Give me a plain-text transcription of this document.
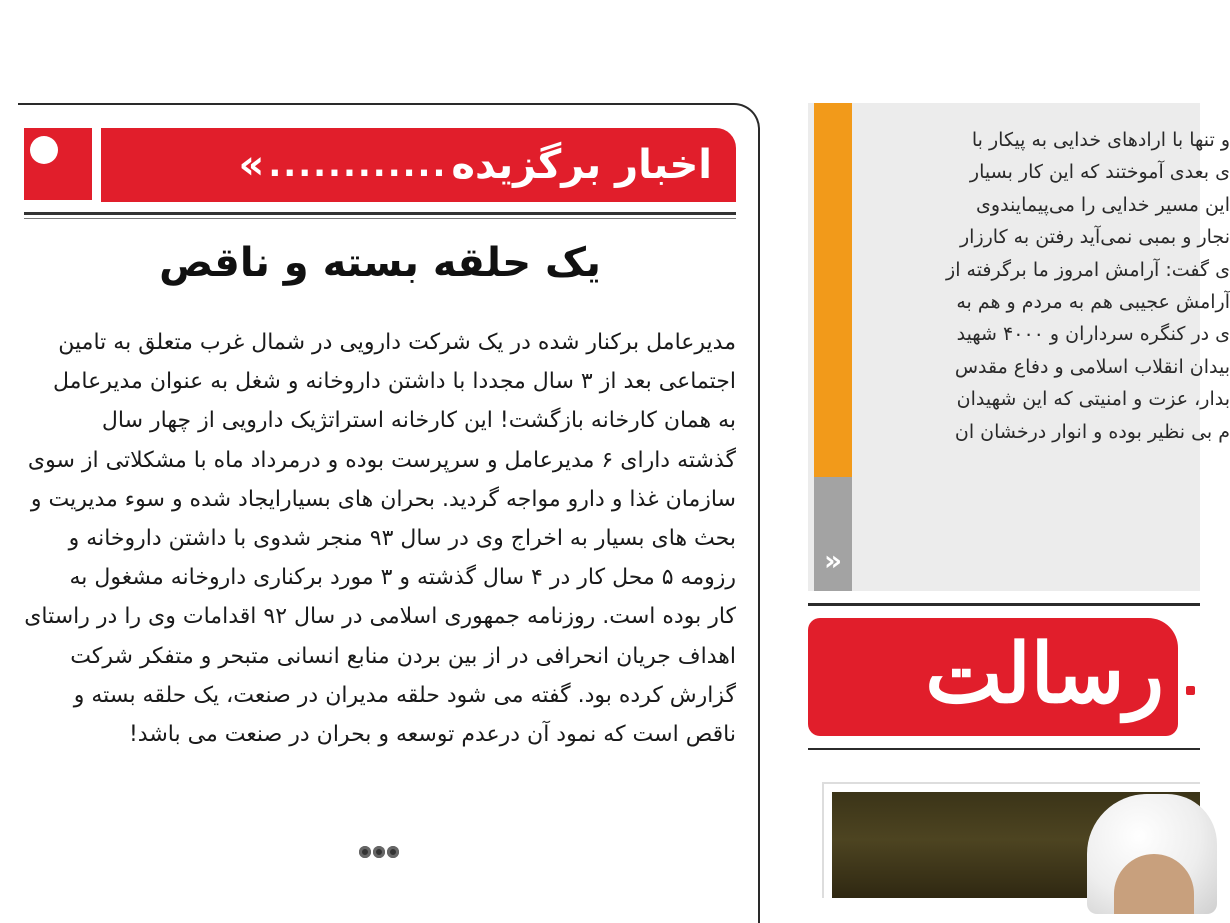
اخبار برگزیده
............
»
یک حلقه بسته و ناقص
مدیرعامل برکنار شده در یک شرکت دارویی در شمال غرب متعلق به تامین
اجتماعی بعد از ۳ سال مجددا با داشتن داروخانه و شغل به عنوان مدیرعامل
به همان کارخانه بازگشت! این کارخانه استراتژیک دارویی از چهار سال
گذشته دارای ۶ مدیرعامل و سرپرست بوده و درمرداد ماه با مشکلاتی از سوی
سازمان غذا و دارو مواجه گردید. بحران های بسیارایجاد شده و سوء مدیریت و
بحث های بسیار به اخراج وی در سال ۹۳ منجر شدوی با داشتن داروخانه و
رزومه ۵ محل کار در ۴ سال گذشته و ۳ مورد برکناری داروخانه مشغول به
کار بوده است. روزنامه جمهوری اسلامی در سال ۹۲ اقدامات وی را در راستای
اهداف جریان انحرافی در از بین بردن منابع انسانی متبحر و متفکر شرکت
گزارش کرده بود. گفته می شود حلقه مدیران در صنعت، یک حلقه بسته و
ناقص است که نمود آن درعدم توسعه و بحران در صنعت می باشد!
»
و تنها با ارادهای خدایی به پیکار با
ی بعدی آموختند که این کار بسیار
این مسیر خدایی را می‌پیمایندوی
نجار و بمبی نمی‌آید رفتن به کارزار
ی گفت: آرامش امروز ما برگرفته از
آرامش عجیبی هم به مردم و هم به
ی در کنگره سرداران و ۴۰۰۰ شهید
بیدان انقلاب اسلامی و دفاع مقدس
بدار، عزت و امنیتی که این شهیدان
م بی نظیر بوده و انوار درخشان ان
رسالت
